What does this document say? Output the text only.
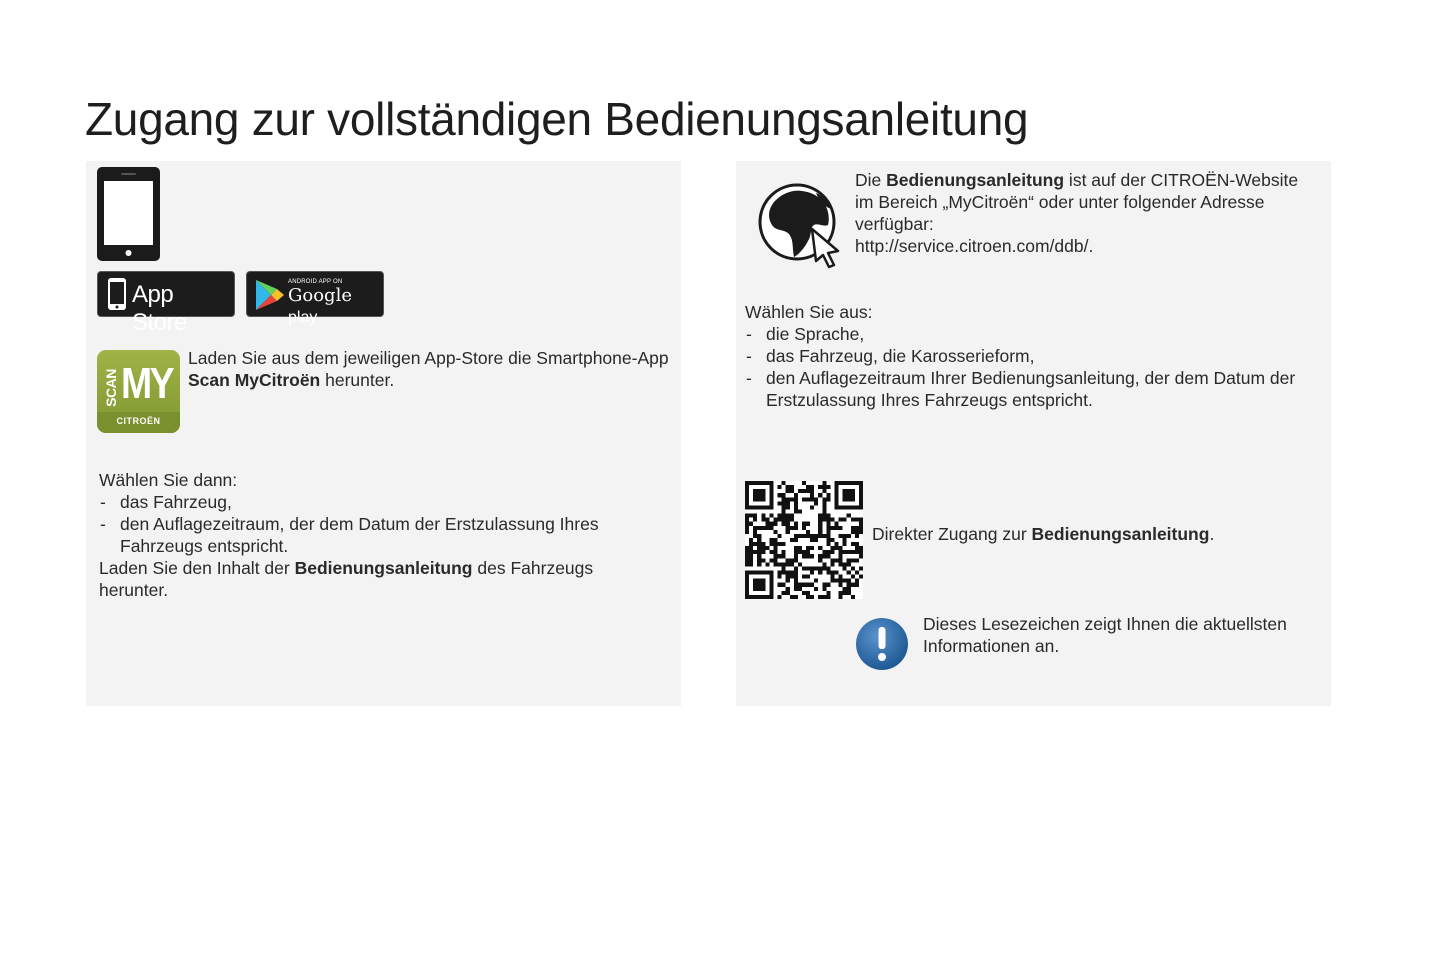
Zugang zur vollständigen Bedienungsanleitung
App Store
ANDROID APP ON
Google play
SCAN MY
CITROËN
Laden Sie aus dem jeweiligen App-Store die Smartphone-App Scan MyCitroën herunter.
Wählen Sie dann:
- das Fahrzeug,
- den Auflagezeitraum, der dem Datum der Erstzulassung Ihres Fahrzeugs entspricht.
Laden Sie den Inhalt der Bedienungsanleitung des Fahrzeugs herunter.
Die Bedienungsanleitung ist auf der CITROËN-Website im Bereich „MyCitroën“ oder unter folgender Adresse verfügbar:
http://service.citroen.com/ddb/.
Wählen Sie aus:
- die Sprache,
- das Fahrzeug, die Karosserieform,
- den Auflagezeitraum Ihrer Bedienungsanleitung, der dem Datum der Erstzulassung Ihres Fahrzeugs entspricht.
Direkter Zugang zur Bedienungsanleitung.
Dieses Lesezeichen zeigt Ihnen die aktuellsten Informationen an.
